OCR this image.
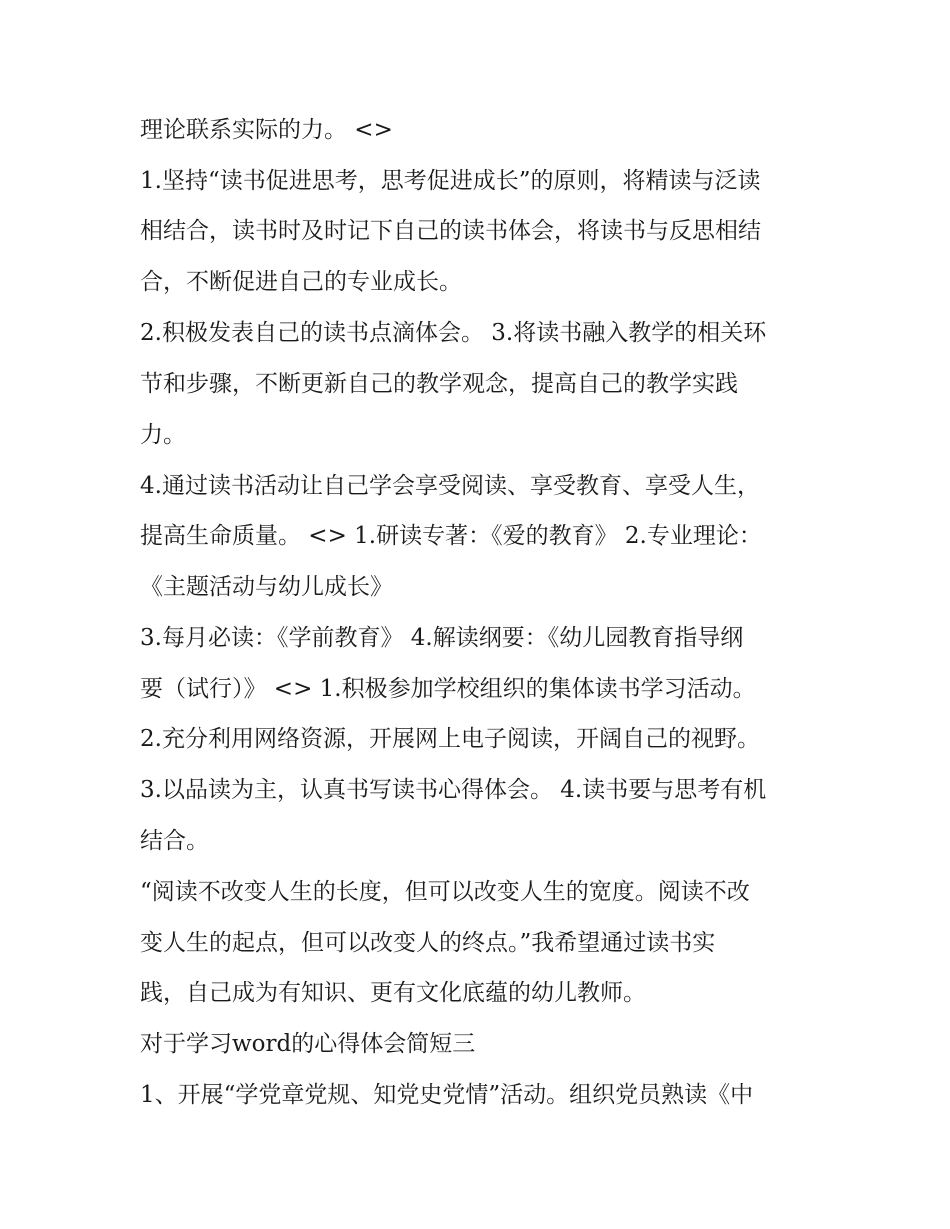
理论联系实际的力。 <>
1.坚持“读书促进思考，思考促进成长”的原则，将精读与泛读
相结合，读书时及时记下自己的读书体会，将读书与反思相结
合，不断促进自己的专业成长。
2.积极发表自己的读书点滴体会。 3.将读书融入教学的相关环
节和步骤，不断更新自己的教学观念，提高自己的教学实践
力。
4.通过读书活动让自己学会享受阅读、享受教育、享受人生，
提高生命质量。 <> 1.研读专著：《爱的教育》 2.专业理论：
《主题活动与幼儿成长》
3.每月必读：《学前教育》 4.解读纲要：《幼儿园教育指导纲
要（试行）》 <> 1.积极参加学校组织的集体读书学习活动。
2.充分利用网络资源，开展网上电子阅读，开阔自己的视野。
3.以品读为主，认真书写读书心得体会。 4.读书要与思考有机
结合。
“阅读不改变人生的长度，但可以改变人生的宽度。阅读不改
变人生的起点，但可以改变人的终点。”我希望通过读书实
践，自己成为有知识、更有文化底蕴的幼儿教师。
对于学习word的心得体会简短三
1、开展“学党章党规、知党史党情”活动。组织党员熟读《中
